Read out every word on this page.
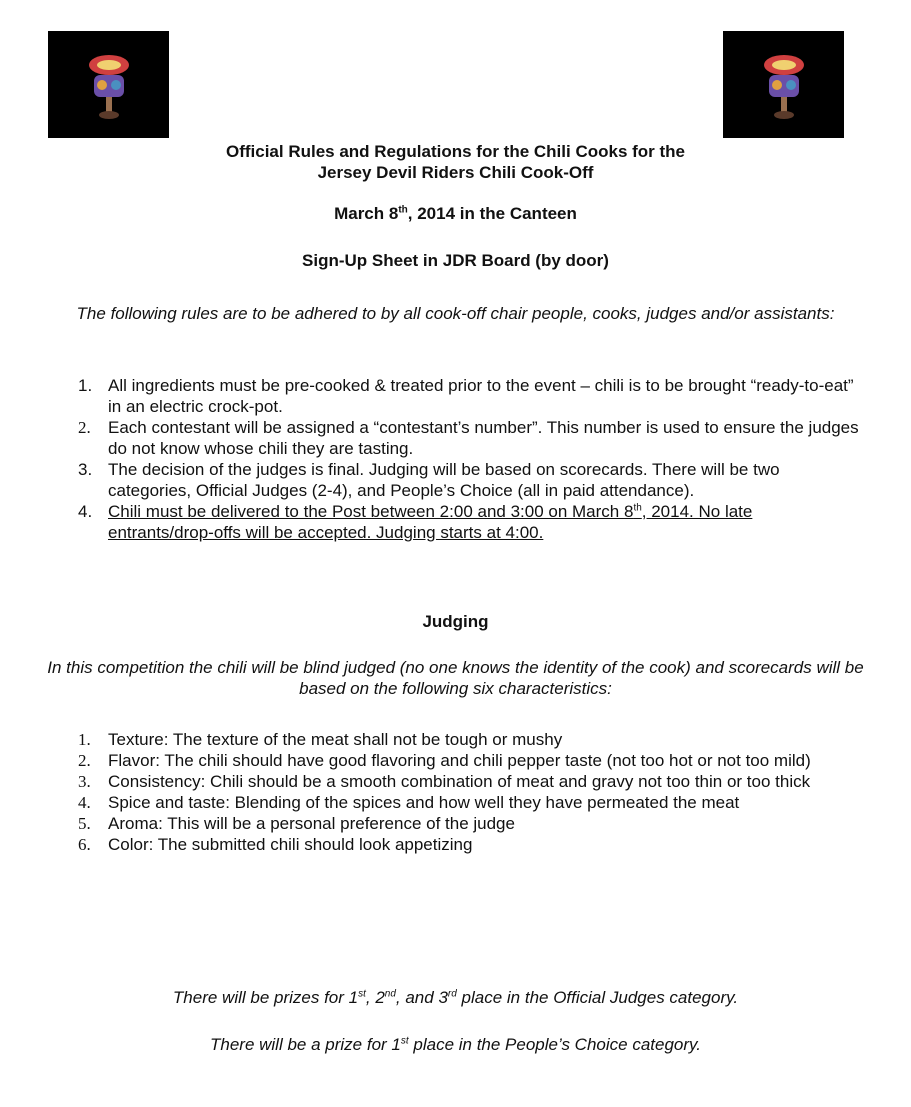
Official Rules and Regulations for the Chili Cooks for the

Jersey Devil Riders Chili Cook-Off

March 8th, 2014 in the Canteen

Sign-Up Sheet in JDR Board (by door)

The following rules are to be adhered to by all cook-off chair people, cooks, judges and/or assistants:

1. All ingredients must be pre-cooked & treated prior to the event – chili is to be brought “ready-to-eat” in an electric crock-pot.
2.	Each contestant will be assigned a “contestant’s number”. This number is used to ensure the judges do not know whose chili they are tasting.
3. The decision of the judges is final. Judging will be based on scorecards. There will be two categories, Official Judges (2-4), and People’s Choice (all in paid attendance).
4. Chili must be delivered to the Post between 2:00 and 3:00 on March 8th, 2014. No late entrants/drop-offs will be accepted. Judging starts at 4:00.

Judging

In this competition the chili will be blind judged (no one knows the identity of the cook) and scorecards will be based on the following six characteristics:

1.	Texture: The texture of the meat shall not be tough or mushy
2.	Flavor: The chili should have good flavoring and chili pepper taste (not too hot or not too mild)
3.	Consistency: Chili should be a smooth combination of meat and gravy not too thin or too thick
4.	Spice and taste: Blending of the spices and how well they have permeated the meat
5.	Aroma: This will be a personal preference of the judge
6.	Color: The submitted chili should look appetizing

There will be prizes for 1st, 2nd, and 3rd place in the Official Judges category.

There will be a prize for 1st place in the People’s Choice category.
